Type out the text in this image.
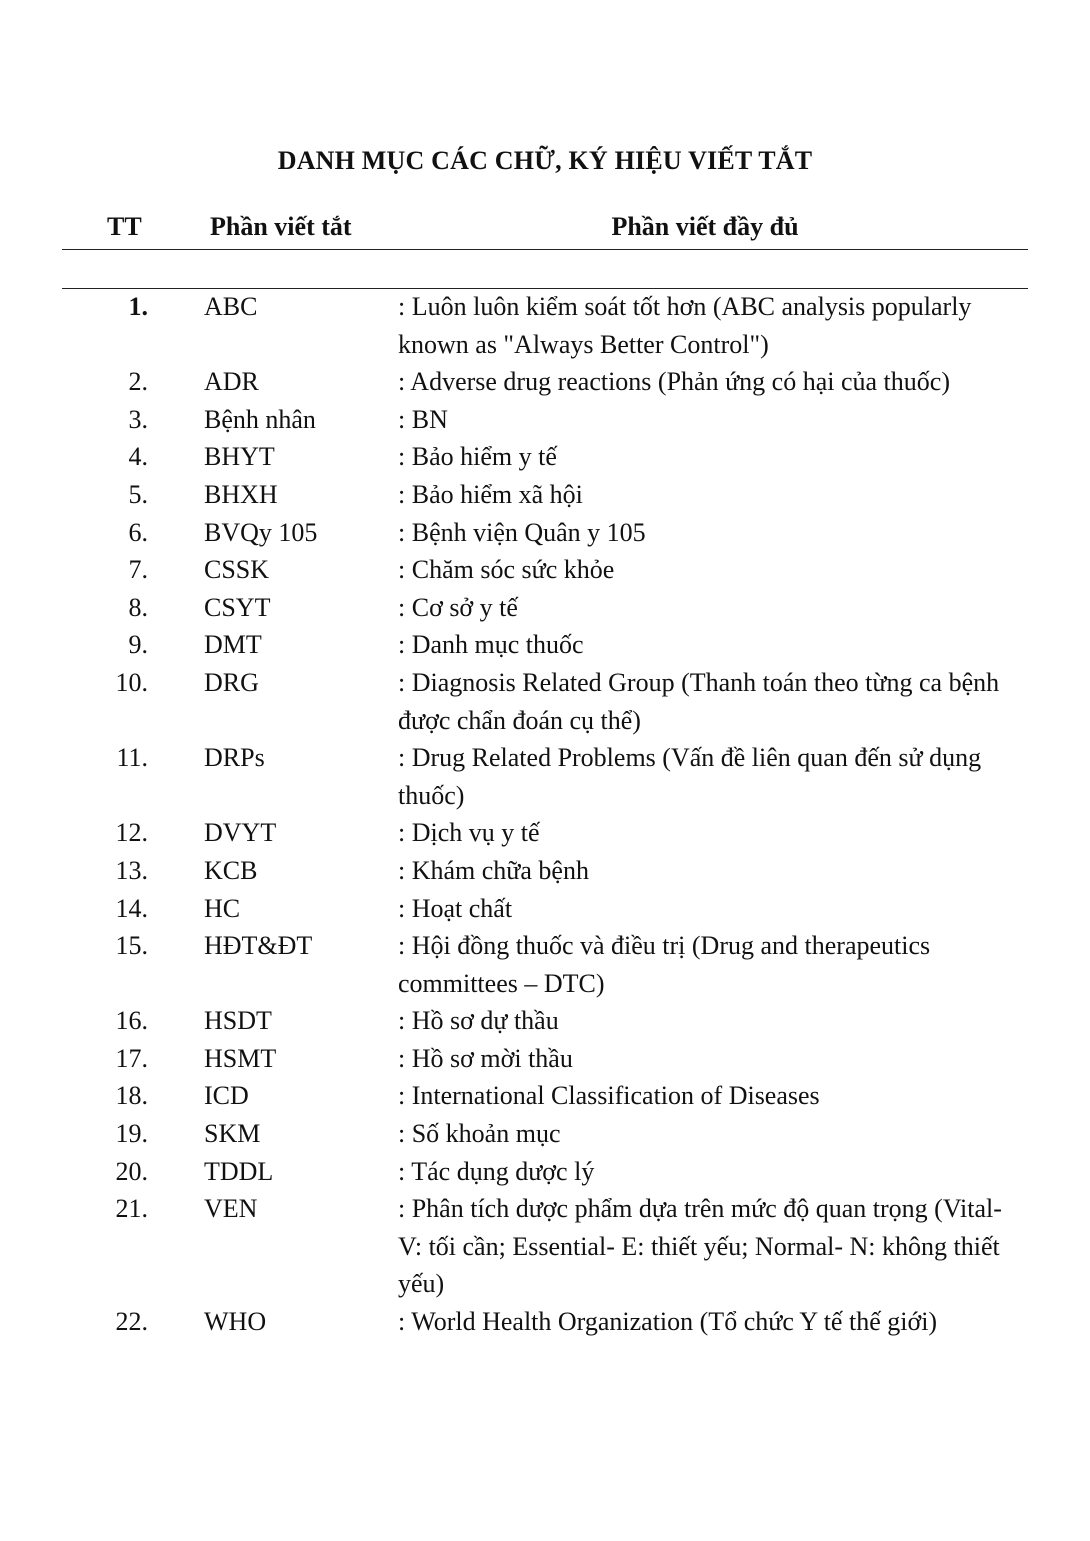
DANH MỤC CÁC CHỮ, KÝ HIỆU VIẾT TẮT
TT	Phần viết tắt	Phần viết đầy đủ
1. ABC	: Luôn luôn kiểm soát tốt hơn (ABC analysis popularly known as "Always Better Control")
2. ADR	: Adverse drug reactions (Phản ứng có hại của thuốc)
3. Bệnh nhân	: BN
4. BHYT	: Bảo hiểm y tế
5. BHXH	: Bảo hiểm xã hội
6. BVQy 105	: Bệnh viện Quân y 105
7. CSSK	: Chăm sóc sức khỏe
8. CSYT	: Cơ sở y tế
9. DMT	: Danh mục thuốc
10. DRG	: Diagnosis Related Group (Thanh toán theo từng ca bệnh được chẩn đoán cụ thể)
11. DRPs	: Drug Related Problems (Vấn đề liên quan đến sử dụng thuốc)
12. DVYT	: Dịch vụ y tế
13. KCB	: Khám chữa bệnh
14. HC	: Hoạt chất
15. HĐT&ĐT	: Hội đồng thuốc và điều trị (Drug and therapeutics committees – DTC)
16. HSDT	: Hồ sơ dự thầu
17. HSMT	: Hồ sơ mời thầu
18. ICD	: International Classification of Diseases
19. SKM	: Số khoản mục
20. TDDL	: Tác dụng dược lý
21. VEN	: Phân tích dược phẩm dựa trên mức độ quan trọng (Vital- V: tối cần; Essential- E: thiết yếu; Normal- N: không thiết yếu)
22. WHO	: World Health Organization (Tổ chức Y tế thế giới)
